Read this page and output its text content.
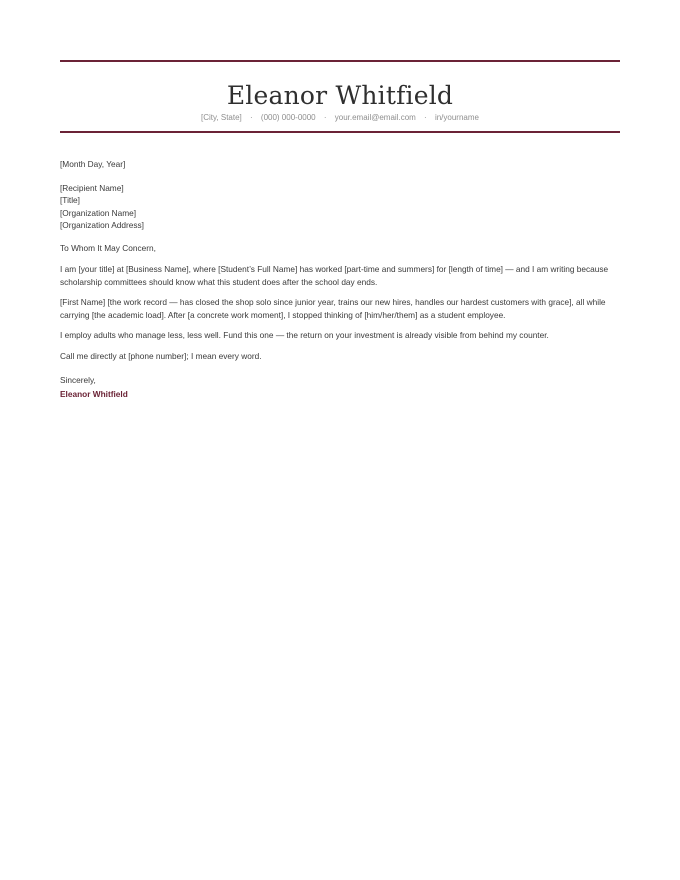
Eleanor Whitfield
[City, State] · (000) 000-0000 · your.email@email.com · in/yourname

[Month Day, Year]

[Recipient Name]

[Title]

[Organization Name]

[Organization Address]

To Whom It May Concern,

I am [your title] at [Business Name], where [Student’s Full Name] has worked [part-time and summers] for [length of time] — and I am writing because scholarship committees should know what this student does after the school day ends.

[First Name] [the work record — has closed the shop solo since junior year, trains our new hires, handles our hardest customers with grace], all while carrying [the academic load]. After [a concrete work moment], I stopped thinking of [him/her/them] as a student employee.

I employ adults who manage less, less well. Fund this one — the return on your investment is already visible from behind my counter.

Call me directly at [phone number]; I mean every word.

Sincerely,

Eleanor Whitfield
